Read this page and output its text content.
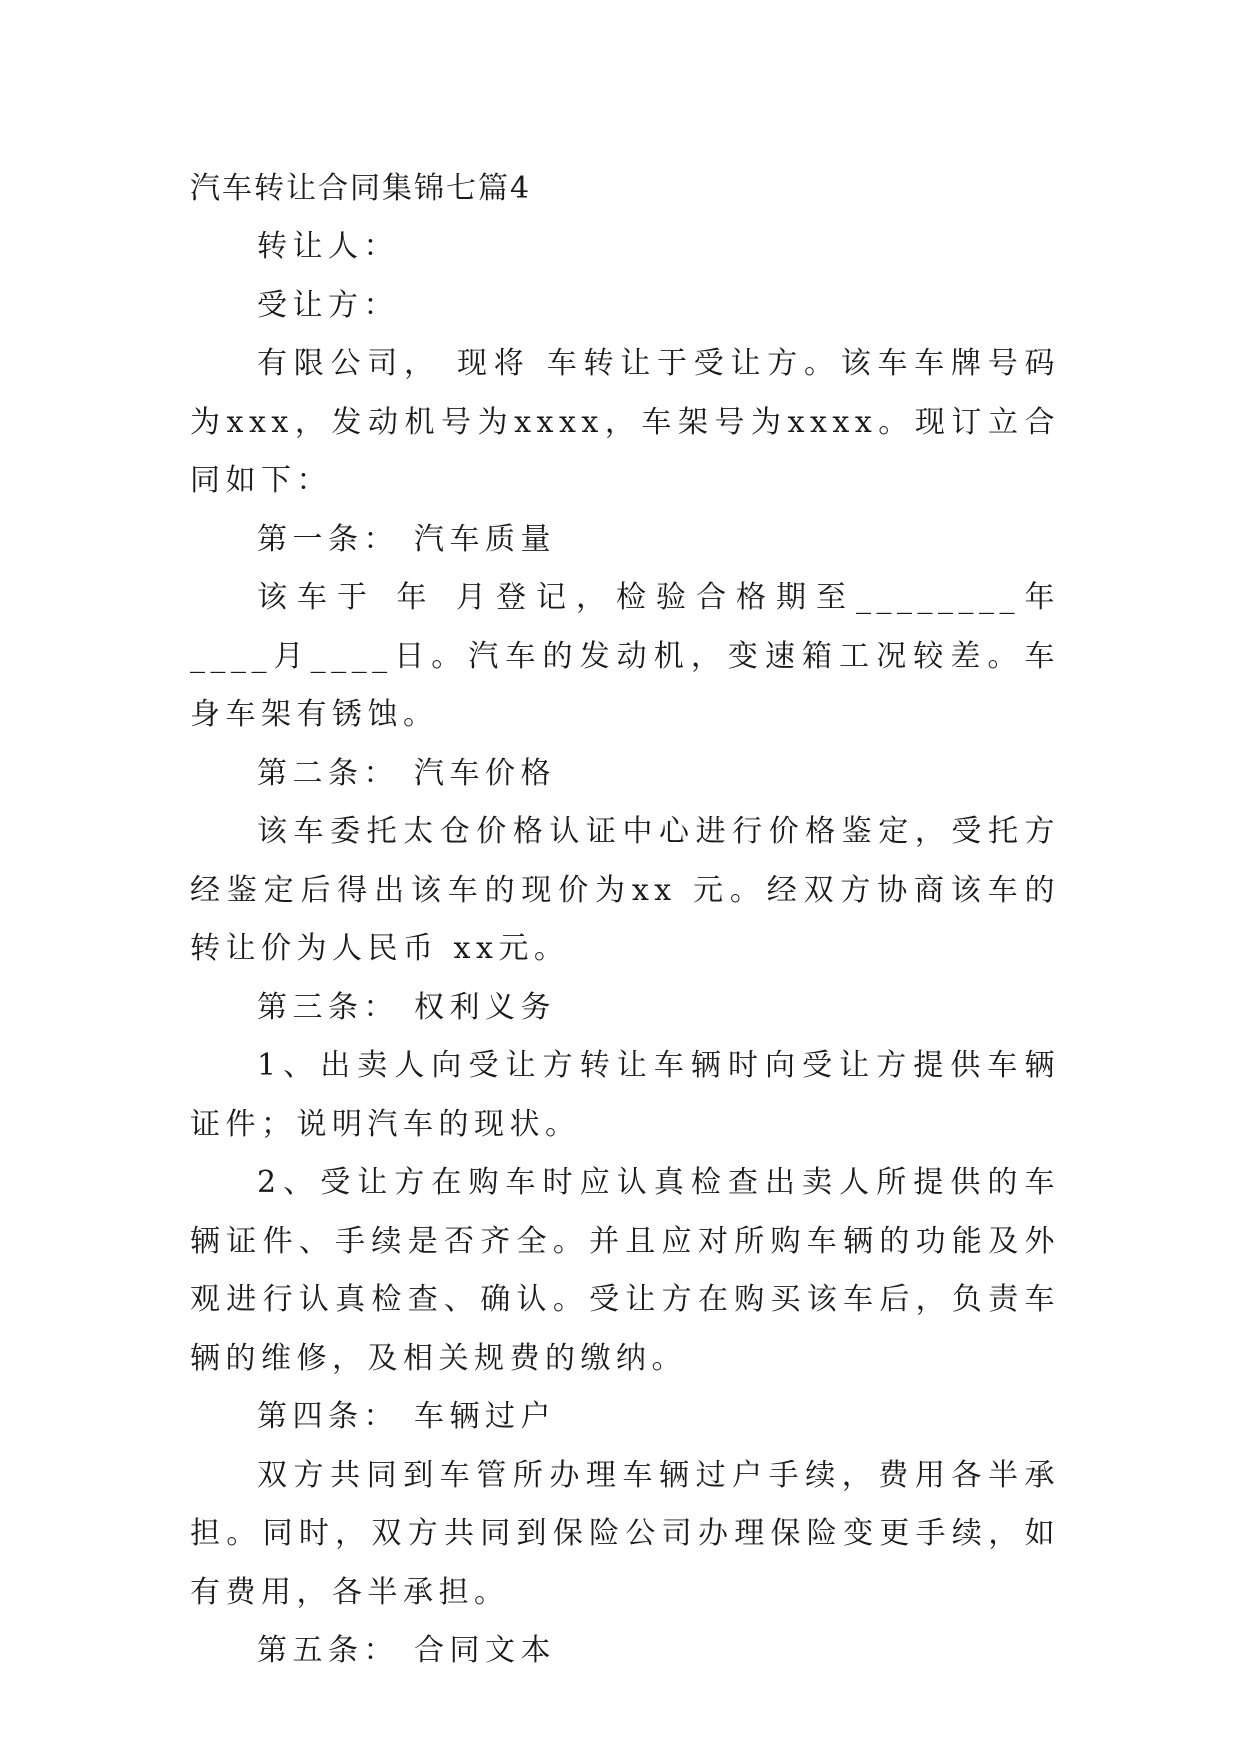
汽车转让合同集锦七篇4

转让人：

受让方：

有限公司， 现将 车转让于受让方。该车车牌号码为xxx，发动机号为xxxx，车架号为xxxx。现订立合同如下：

第一条： 汽车质量

该车于 年 月登记，检验合格期至________年____月____日。汽车的发动机，变速箱工况较差。车身车架有锈蚀。

第二条： 汽车价格

该车委托太仓价格认证中心进行价格鉴定，受托方经鉴定后得出该车的现价为xx 元。经双方协商该车的转让价为人民币 xx元。

第三条： 权利义务

1、出卖人向受让方转让车辆时向受让方提供车辆证件；说明汽车的现状。

2、受让方在购车时应认真检查出卖人所提供的车辆证件、手续是否齐全。并且应对所购车辆的功能及外观进行认真检查、确认。受让方在购买该车后，负责车辆的维修，及相关规费的缴纳。

第四条： 车辆过户

双方共同到车管所办理车辆过户手续，费用各半承担。同时，双方共同到保险公司办理保险变更手续，如有费用，各半承担。

第五条： 合同文本
